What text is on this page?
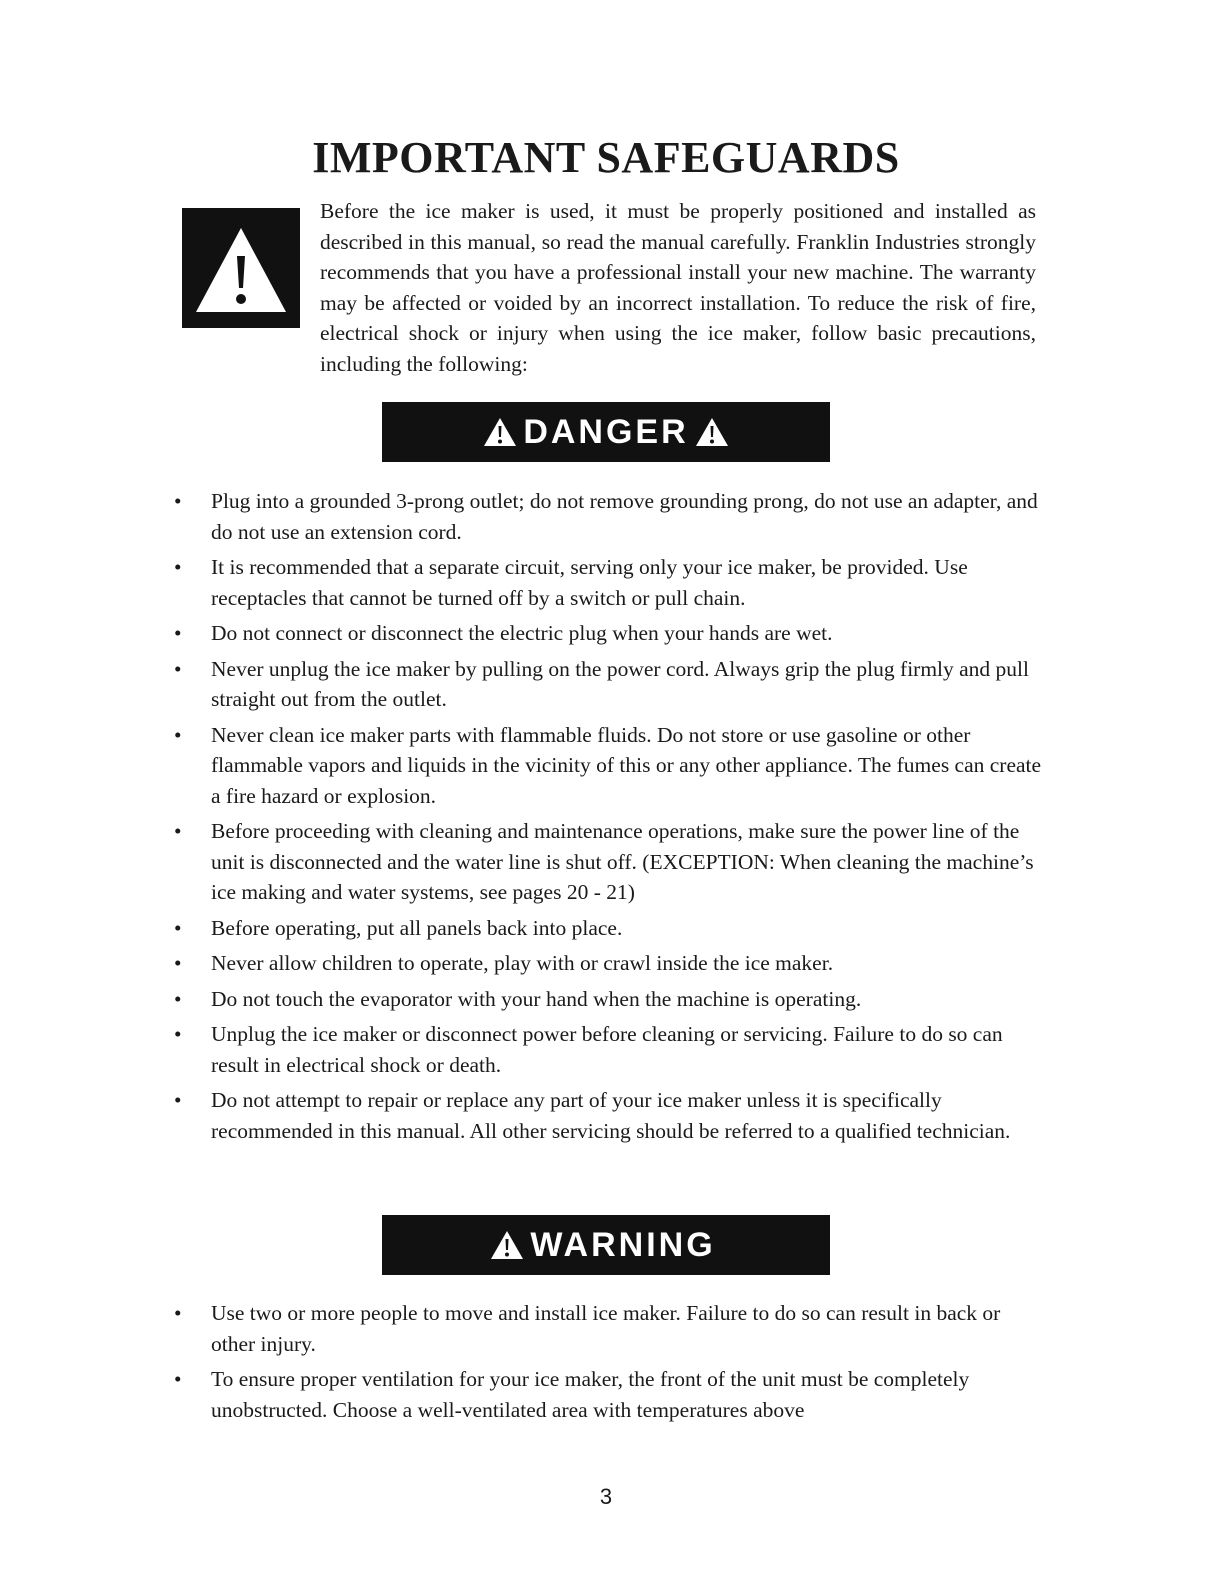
IMPORTANT SAFEGUARDS

Before the ice maker is used, it must be properly positioned and installed as described in this manual, so read the manual carefully. Franklin Industries strongly recommends that you have a professional install your new machine. The warranty may be affected or voided by an incorrect installation. To reduce the risk of fire, electrical shock or injury when using the ice maker, follow basic precautions, including the following:

DANGER
• Plug into a grounded 3-prong outlet; do not remove grounding prong, do not use an adapter, and do not use an extension cord.
• It is recommended that a separate circuit, serving only your ice maker, be provided. Use receptacles that cannot be turned off by a switch or pull chain.
• Do not connect or disconnect the electric plug when your hands are wet.
• Never unplug the ice maker by pulling on the power cord. Always grip the plug firmly and pull straight out from the outlet.
• Never clean ice maker parts with flammable fluids. Do not store or use gasoline or other flammable vapors and liquids in the vicinity of this or any other appliance. The fumes can create a fire hazard or explosion.
• Before proceeding with cleaning and maintenance operations, make sure the power line of the unit is disconnected and the water line is shut off. (EXCEPTION: When cleaning the machine’s ice making and water systems, see pages 20 - 21)
• Before operating, put all panels back into place.
• Never allow children to operate, play with or crawl inside the ice maker.
• Do not touch the evaporator with your hand when the machine is operating.
• Unplug the ice maker or disconnect power before cleaning or servicing. Failure to do so can result in electrical shock or death.
• Do not attempt to repair or replace any part of your ice maker unless it is specifically recommended in this manual. All other servicing should be referred to a qualified technician.
WARNING
• Use two or more people to move and install ice maker. Failure to do so can result in back or other injury.
• To ensure proper ventilation for your ice maker, the front of the unit must be completely unobstructed. Choose a well-ventilated area with temperatures above
3
